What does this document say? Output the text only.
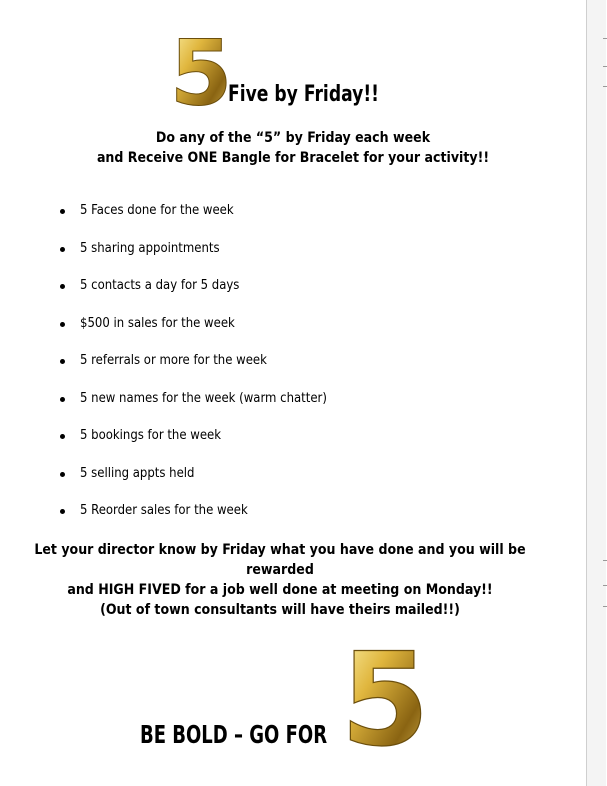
5
Five by Friday!!
Do any of the “5” by Friday each week
and Receive ONE Bangle for Bracelet for your activity!!
5 Faces done for the week
5 sharing appointments
5 contacts a day for 5 days
$500 in sales for the week
5 referrals or more for the week
5 new names for the week (warm chatter)
5 bookings for the week
5 selling appts held
5 Reorder sales for the week
Let your director know by Friday what you have done and you will be rewarded
and HIGH FIVED for a job well done at meeting on Monday!!
(Out of town consultants will have theirs mailed!!)
BE BOLD – GO FOR 5
